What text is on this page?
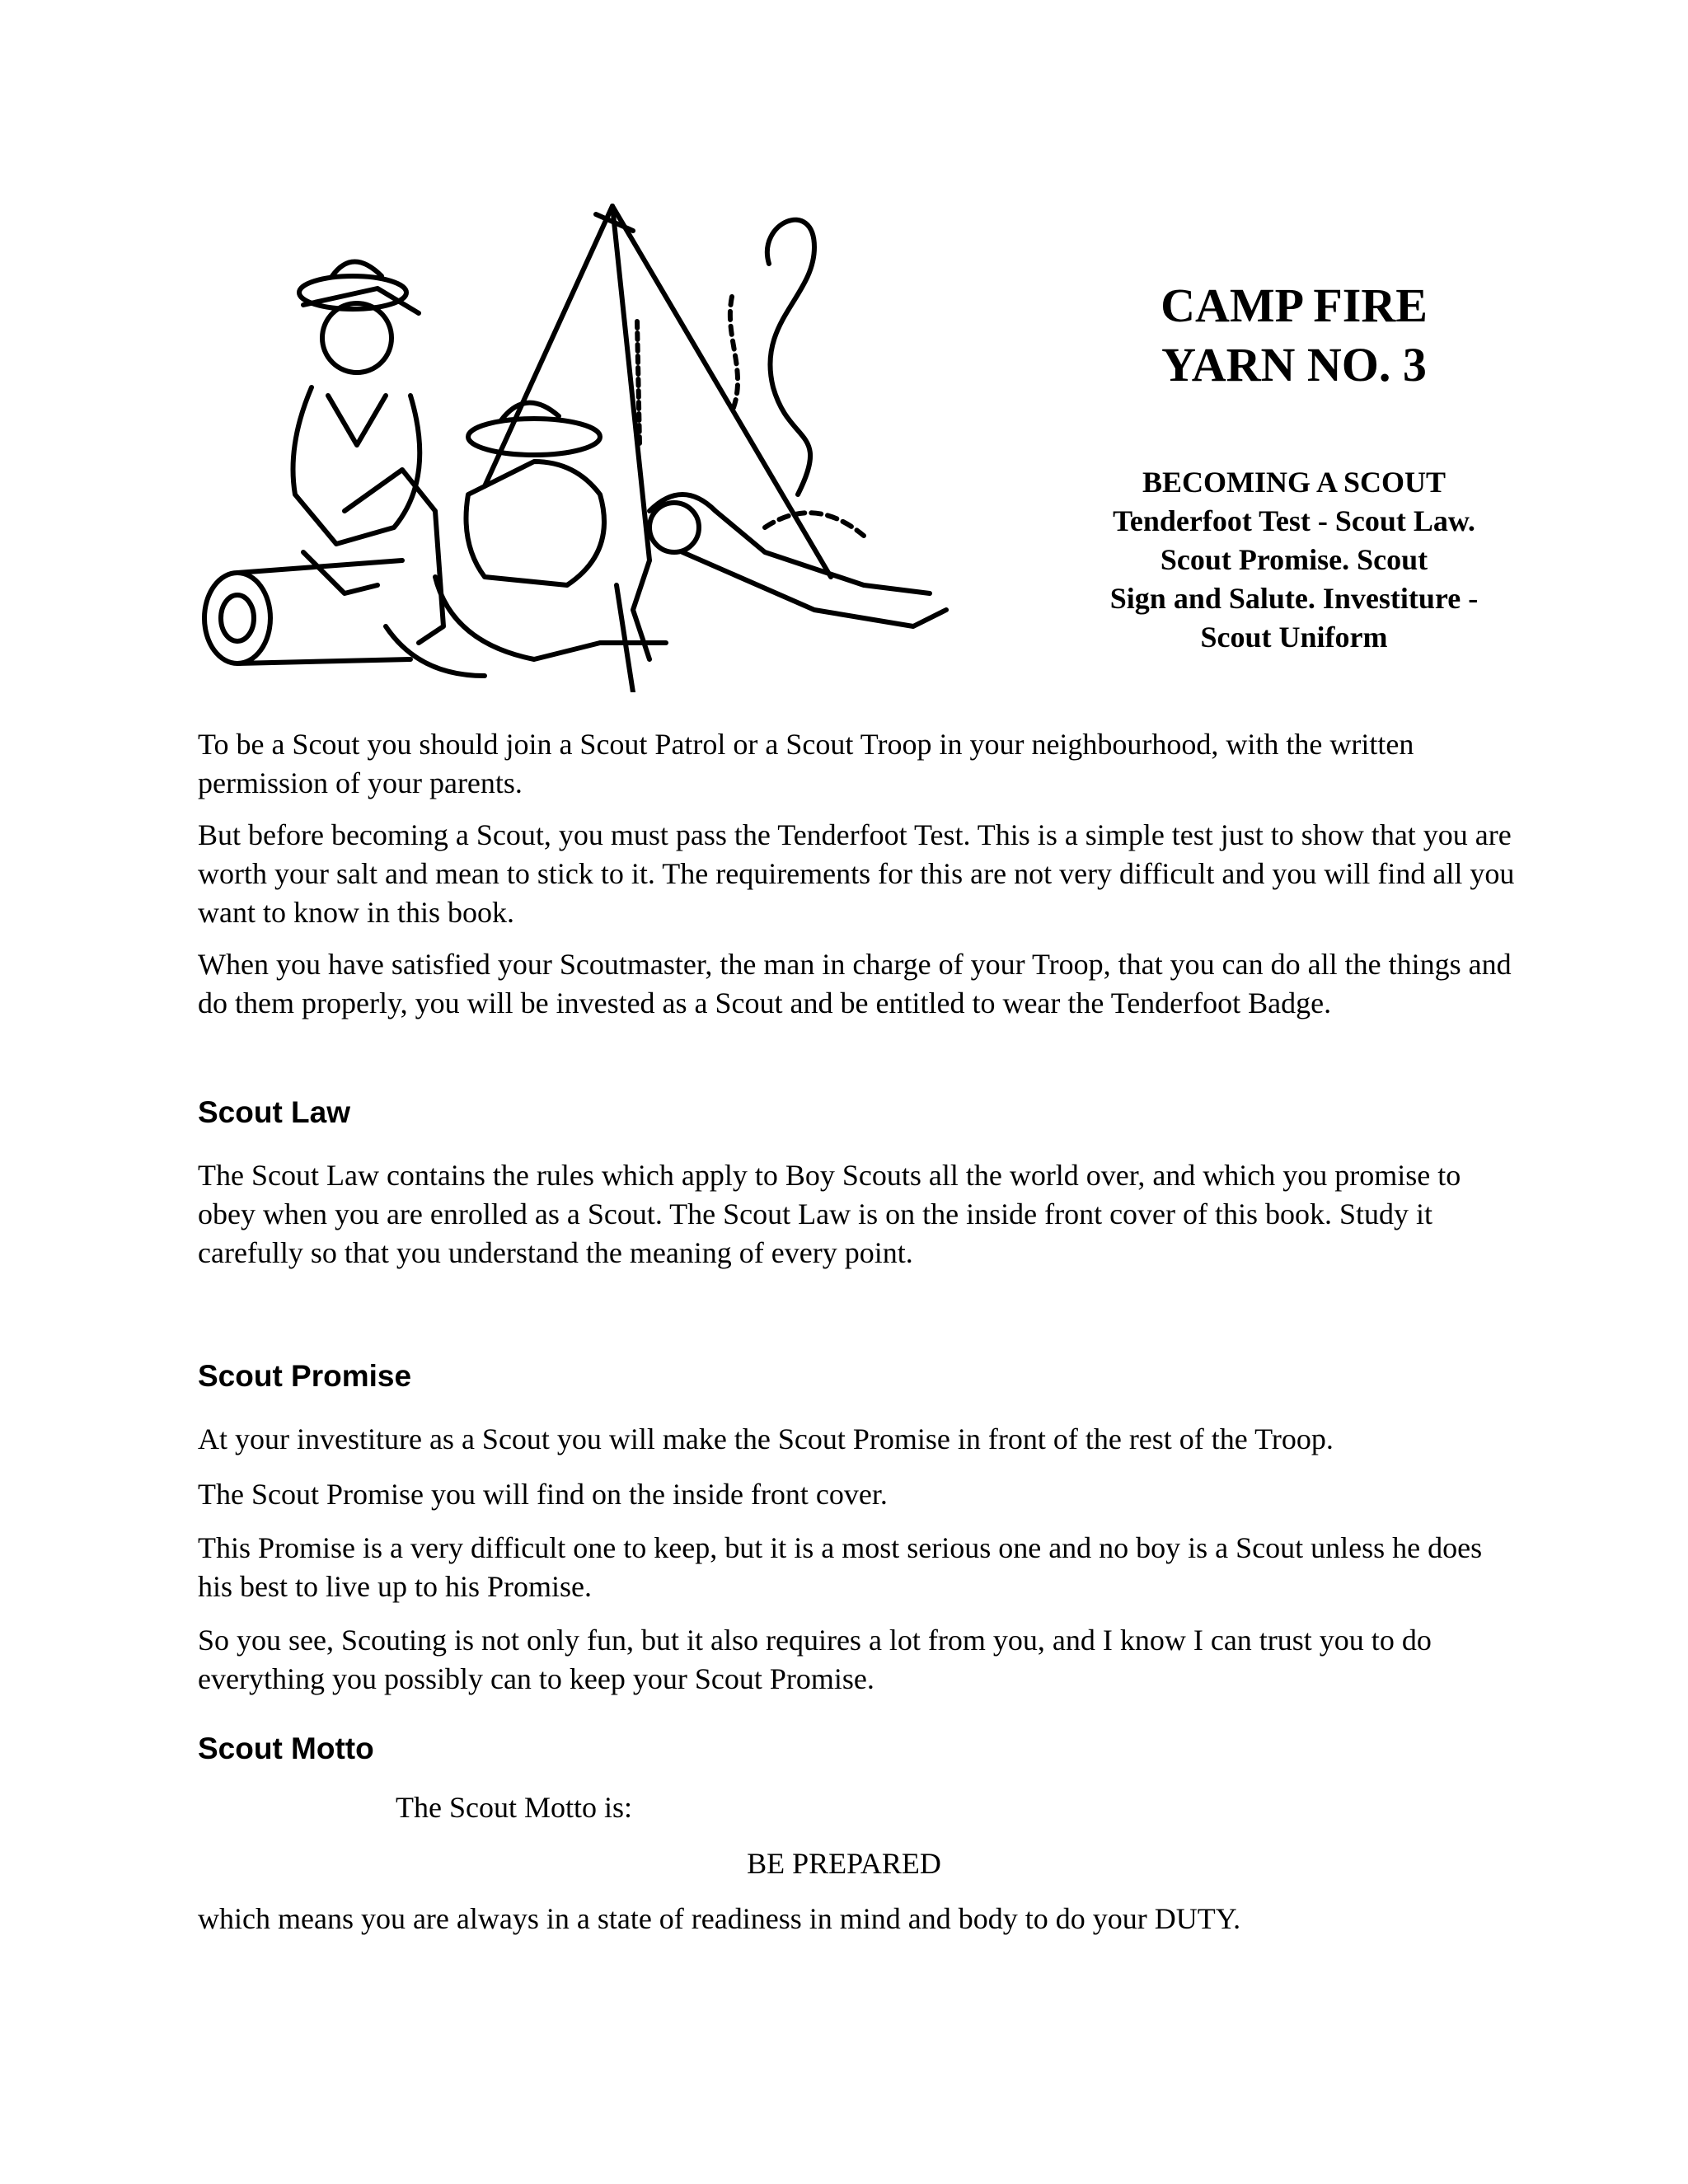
CAMP FIRE

YARN NO. 3

BECOMING A SCOUT

Tenderfoot Test - Scout Law.

Scout Promise. Scout

Sign and Salute. Investiture -

Scout Uniform

To be a Scout you should join a Scout Patrol or a Scout Troop in your neighbourhood, with the written permission of your parents.

But before becoming a Scout, you must pass the Tenderfoot Test. This is a simple test just to show that you are worth your salt and mean to stick to it. The requirements for this are not very difficult and you will find all you want to know in this book.

When you have satisfied your Scoutmaster, the man in charge of your Troop, that you can do all the things and do them properly, you will be invested as a Scout and be entitled to wear the Tenderfoot Badge.

Scout Law

The Scout Law contains the rules which apply to Boy Scouts all the world over, and which you promise to obey when you are enrolled as a Scout. The Scout Law is on the inside front cover of this book. Study it carefully so that you understand the meaning of every point.

Scout Promise

At your investiture as a Scout you will make the Scout Promise in front of the rest of the Troop.

The Scout Promise you will find on the inside front cover.

This Promise is a very difficult one to keep, but it is a most serious one and no boy is a Scout unless he does his best to live up to his Promise.

So you see, Scouting is not only fun, but it also requires a lot from you, and I know I can trust you to do everything you possibly can to keep your Scout Promise.

Scout Motto

The Scout Motto is:

BE PREPARED

which means you are always in a state of readiness in mind and body to do your DUTY.
